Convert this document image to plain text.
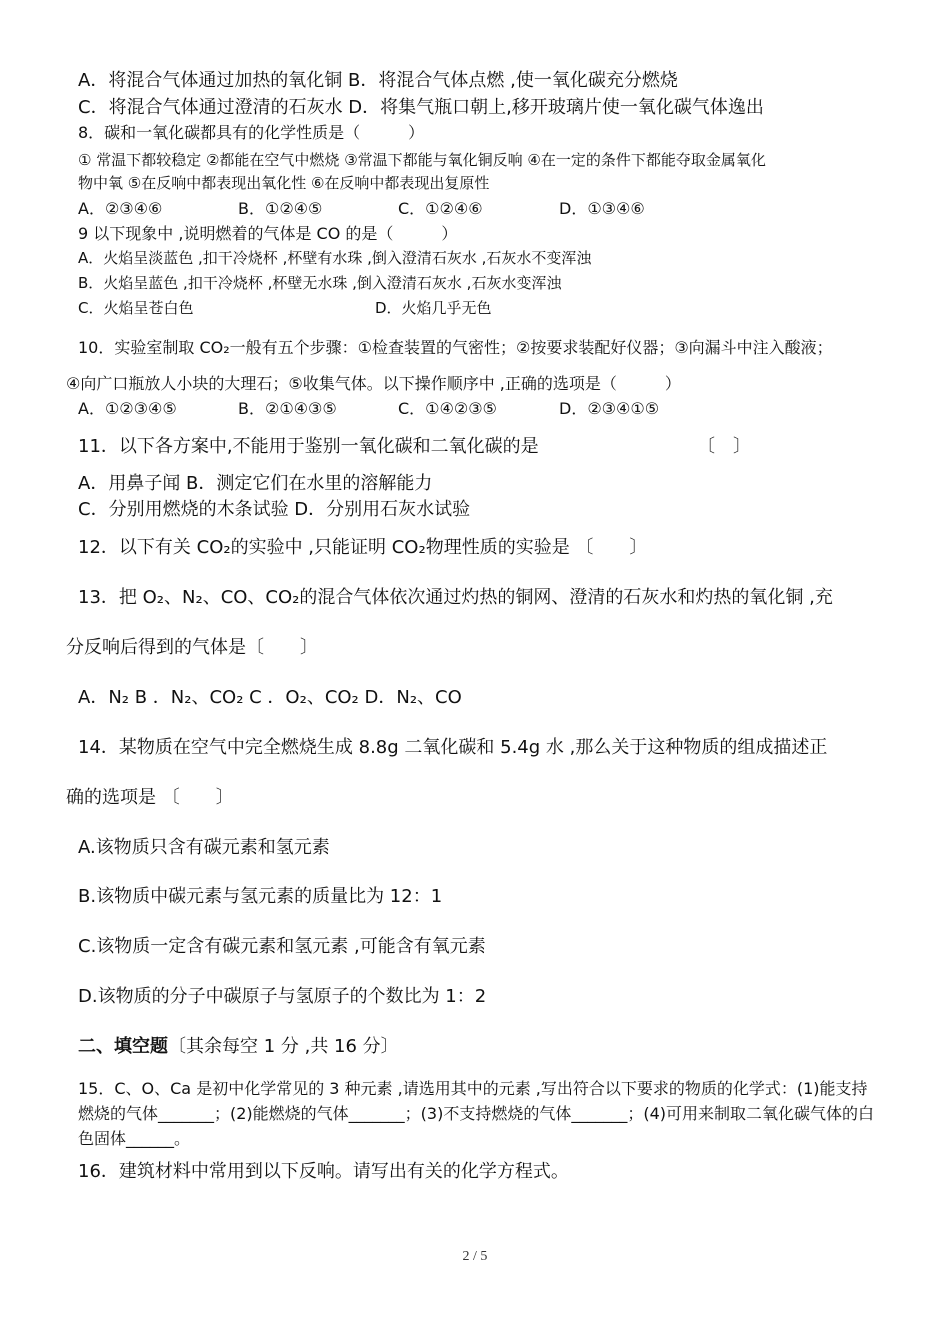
A．将混合气体通过加热的氧化铜 B．将混合气体点燃 ,使一氧化碳充分燃烧
C．将混合气体通过澄清的石灰水 D．将集气瓶口朝上,移开玻璃片使一氧化碳气体逸出
8．碳和一氧化碳都具有的化学性质是（　　　）
① 常温下都较稳定 ②都能在空气中燃烧 ③常温下都能与氧化铜反响 ④在一定的条件下都能夺取金属氧化
物中氧 ⑤在反响中都表现出氧化性 ⑥在反响中都表现出复原性
A．②③④⑥	B．①②④⑤	C．①②④⑥	D．①③④⑥
9 以下现象中 ,说明燃着的气体是 CO 的是（　　　）
A．火焰呈淡蓝色 ,扣干冷烧杯 ,杯壁有水珠 ,倒入澄清石灰水 ,石灰水不变浑浊
B．火焰呈蓝色 ,扣干冷烧杯 ,杯壁无水珠 ,倒入澄清石灰水 ,石灰水变浑浊
C．火焰呈苍白色	D．火焰几乎无色
10．实验室制取 CO₂一般有五个步骤：①检查装置的气密性；②按要求装配好仪器；③向漏斗中注入酸液；
④向广口瓶放人小块的大理石；⑤收集气体。以下操作顺序中 ,正确的选项是（　　　）
A．①②③④⑤	B．②①④③⑤	C．①④②③⑤	D．②③④①⑤
11．以下各方案中,不能用于鉴别一氧化碳和二氧化碳的是	〔　〕
A．用鼻子闻 B．测定它们在水里的溶解能力
C．分别用燃烧的木条试验 D．分别用石灰水试验
12．以下有关 CO₂的实验中 ,只能证明 CO₂物理性质的实验是 〔　　〕
13．把 O₂、N₂、CO、CO₂的混合气体依次通过灼热的铜网、澄清的石灰水和灼热的氧化铜 ,充
分反响后得到的气体是〔　　〕
A．N₂ B ．N₂、CO₂ C ．O₂、CO₂ D．N₂、CO
14．某物质在空气中完全燃烧生成 8.8g 二氧化碳和 5.4g 水 ,那么关于这种物质的组成描述正
确的选项是 〔　　〕
A.该物质只含有碳元素和氢元素
B.该物质中碳元素与氢元素的质量比为 12：1
C.该物质一定含有碳元素和氢元素 ,可能含有氧元素
D.该物质的分子中碳原子与氢原子的个数比为 1：2
二、填空题〔其余每空 1 分 ,共 16 分〕
15．C、O、Ca 是初中化学常见的 3 种元素 ,请选用其中的元素 ,写出符合以下要求的物质的化学式：(1)能支持燃烧的气体_______；(2)能燃烧的气体_______；(3)不支持燃烧的气体_______；(4)可用来制取二氧化碳气体的白色固体______。
16．建筑材料中常用到以下反响。请写出有关的化学方程式。
2 / 5
